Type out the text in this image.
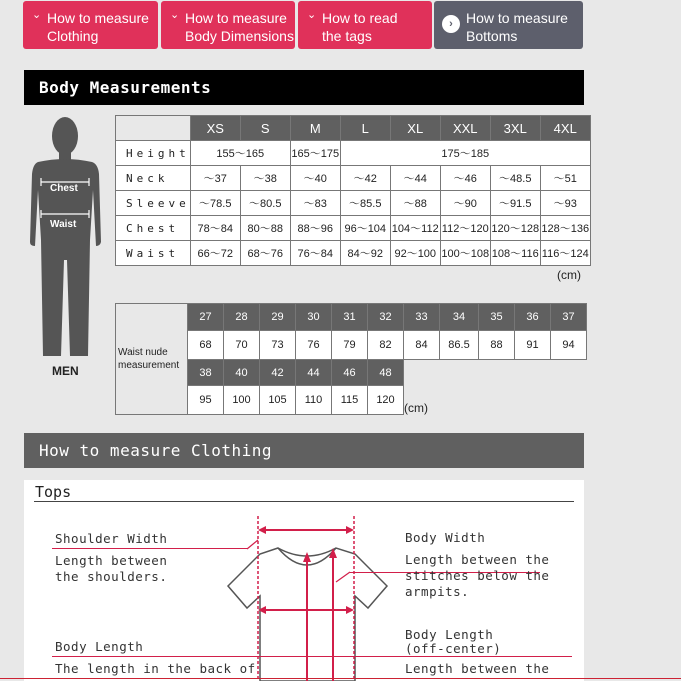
⌄ How to measure
Clothing
⌄ How to measure
Body Dimensions
⌄ How to read
the tags
› How to measure
Bottoms
Body Measurements
Chest
Waist
MEN
	XS	S	M	L	XL	XXL	3XL	4XL
Height	155～165		165～175	175～185				
Neck	～37	～38	～40	～42	～44	～46	～48.5	～51
Sleeve	～78.5	～80.5	～83	～85.5	～88	～90	～91.5	～93
Chest	78～84	80～88	88～96	96～104	104～112	112～120	120～128	128～136
Waist	66～72	68～76	76～84	84～92	92～100	100～108	108～116	116～124
(cm)
Waist nude measurement	27	28	29	30	31	32	33	34	35	36	37
	68	70	73	76	79	82	84	86.5	88	91	94
	38	40	42	44	46	48					
	95	100	105	110	115	120	(cm)				
How to measure Clothing
Tops
Shoulder Width
Length between
the shoulders.
Body Width
Length between the
stitches below the
armpits.
Body Length
The length in the back of
Body Length
(off-center)
Length between the
